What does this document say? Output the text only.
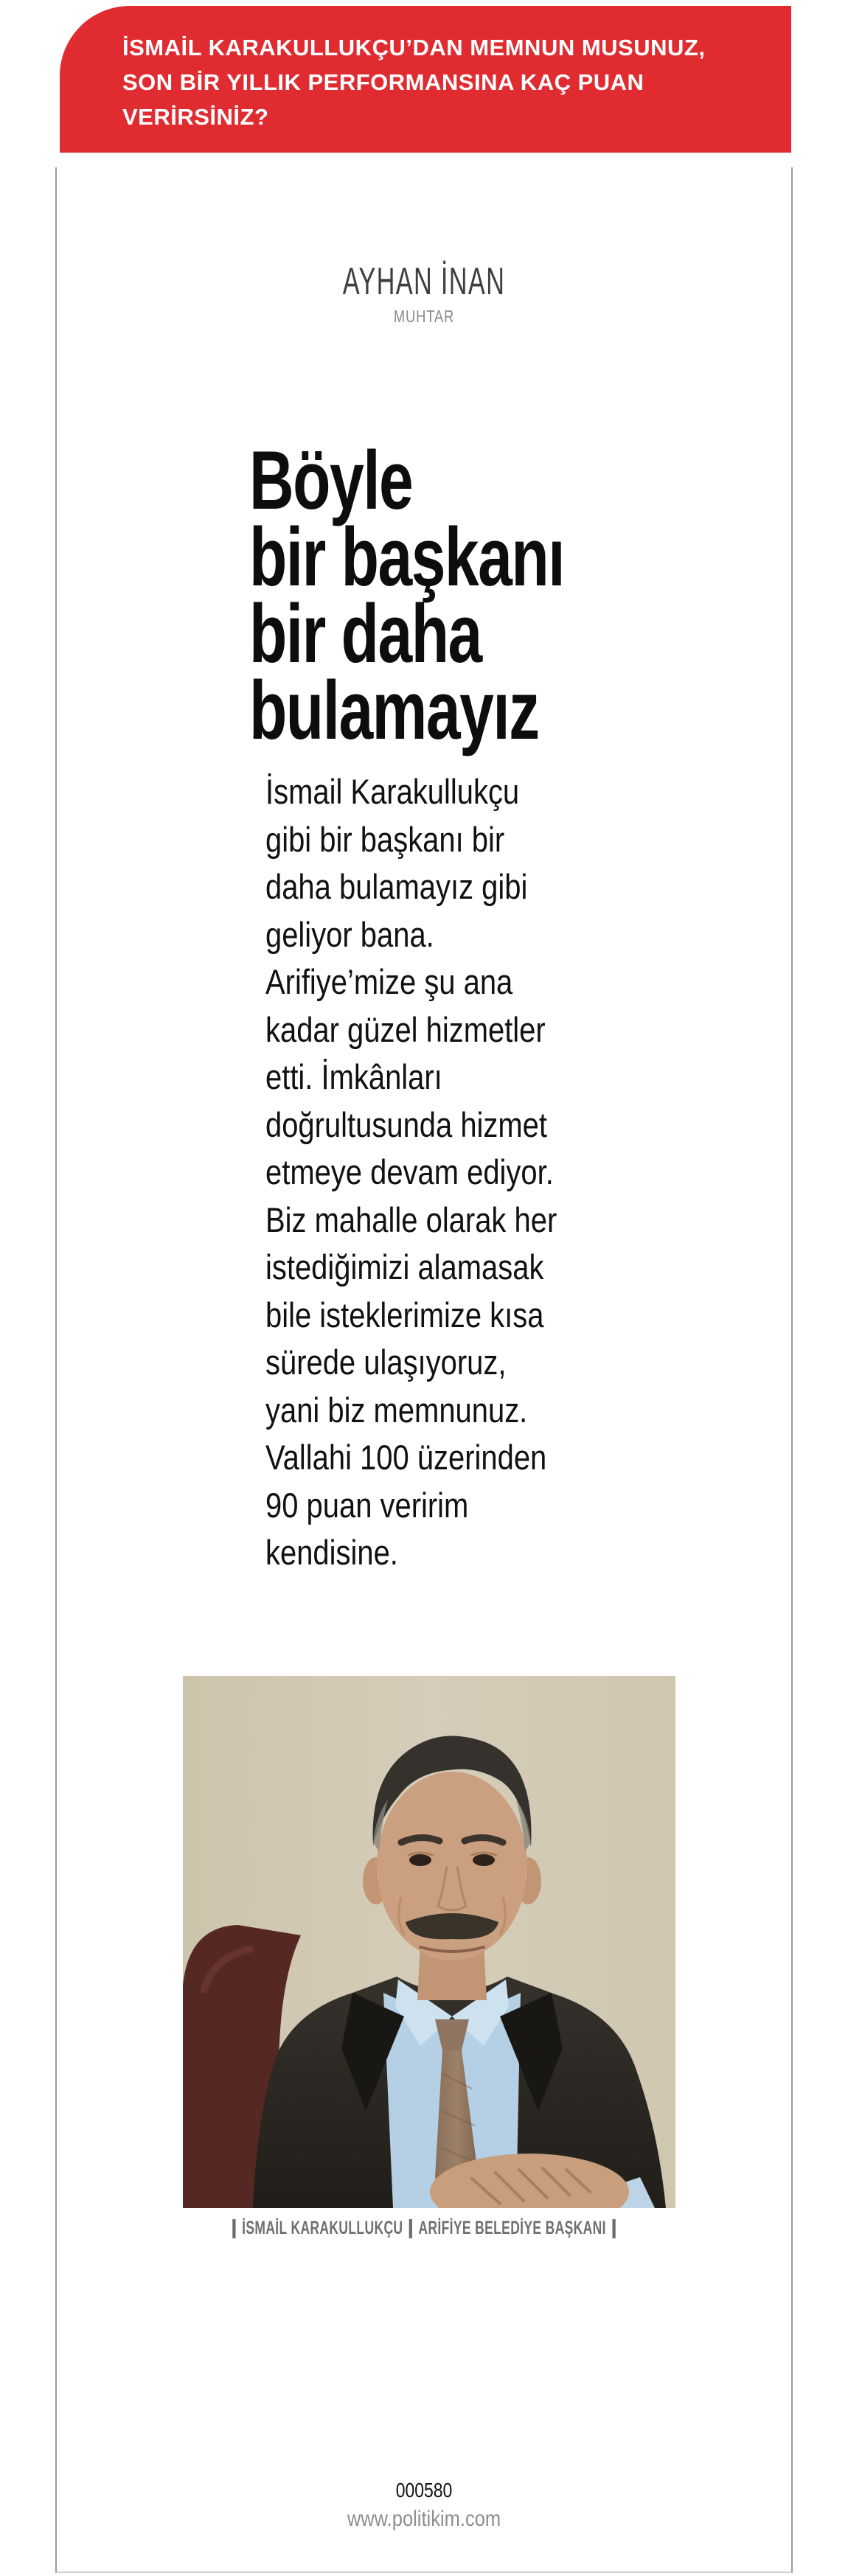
İSMAİL KARAKULLUKÇU’DAN MEMNUN MUSUNUZ,
SON BİR YILLIK PERFORMANSINA KAÇ PUAN
VERİRSİNİZ?
AYHAN İNAN
MUHTAR
Böyle
bir başkanı
bir daha
bulamayız
İsmail Karakullukçu
gibi bir başkanı bir
daha bulamayız gibi
geliyor bana.
Arifiye’mize şu ana
kadar güzel hizmetler
etti. İmkânları
doğrultusunda hizmet
etmeye devam ediyor.
Biz mahalle olarak her
istediğimizi alamasak
bile isteklerimize kısa
sürede ulaşıyoruz,
yani biz memnunuz.
Vallahi 100 üzerinden
90 puan veririm
kendisine.
İSMAİL KARAKULLUKÇU ARİFİYE BELEDİYE BAŞKANI
000580
www.politikim.com
